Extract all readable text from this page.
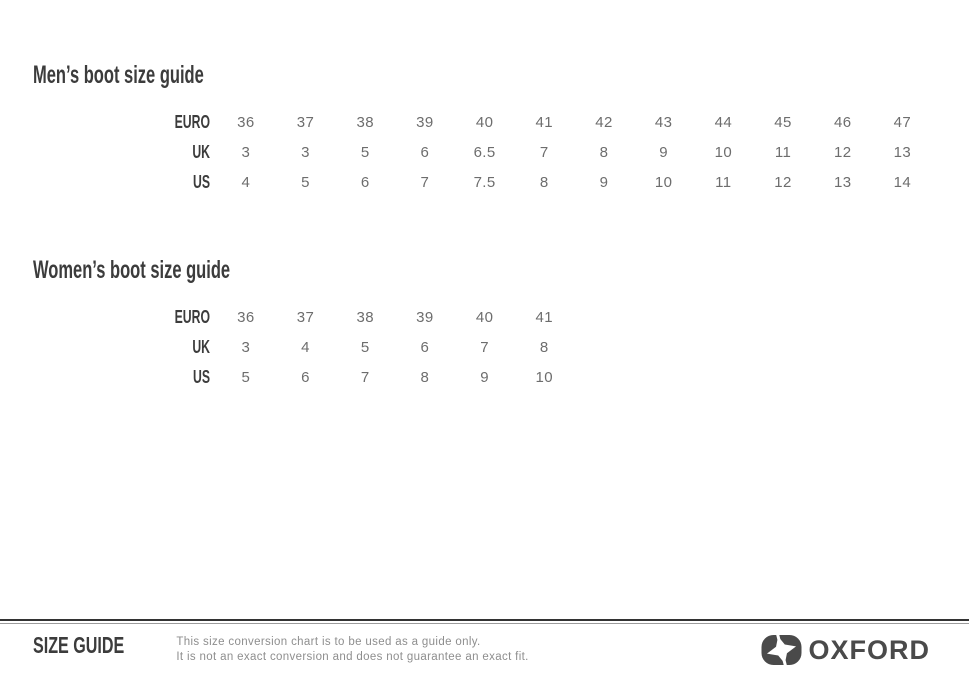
Men’s boot size guide
EURO	36	37	38	39	40	41	42	43	44	45	46	47
UK	3	3	5	6	6.5	7	8	9	10	11	12	13
US	4	5	6	7	7.5	8	9	10	11	12	13	14
Women’s boot size guide
EURO	36	37	38	39	40	41
UK	3	4	5	6	7	8
US	5	6	7	8	9	10
SIZE GUIDE	This size conversion chart is to be used as a guide only.
It is not an exact conversion and does not guarantee an exact fit.	OXFORD
